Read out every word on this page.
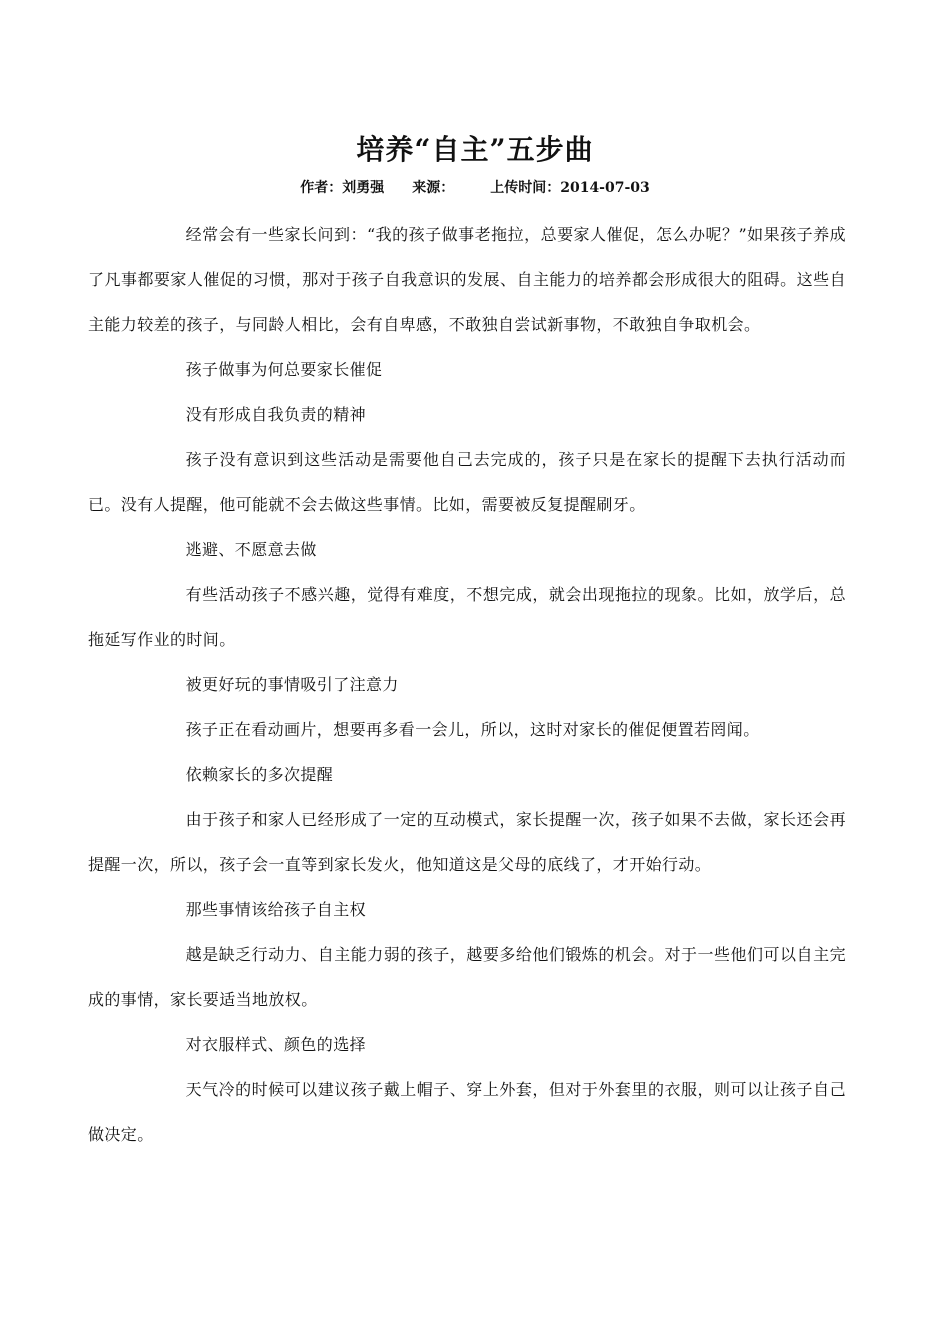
培养“自主”五步曲
作者：刘勇强 来源：	上传时间：2014-07-03

经常会有一些家长问到：“我的孩子做事老拖拉，总要家人催促，怎么办呢？”如果孩子养成了凡事都要家人催促的习惯，那对于孩子自我意识的发展、自主能力的培养都会形成很大的阻碍。这些自主能力较差的孩子，与同龄人相比，会有自卑感，不敢独自尝试新事物，不敢独自争取机会。

孩子做事为何总要家长催促

没有形成自我负责的精神

孩子没有意识到这些活动是需要他自己去完成的，孩子只是在家长的提醒下去执行活动而已。没有人提醒，他可能就不会去做这些事情。比如，需要被反复提醒刷牙。

逃避、不愿意去做

有些活动孩子不感兴趣，觉得有难度，不想完成，就会出现拖拉的现象。比如，放学后，总拖延写作业的时间。

被更好玩的事情吸引了注意力

孩子正在看动画片，想要再多看一会儿，所以，这时对家长的催促便置若罔闻。

依赖家长的多次提醒

由于孩子和家人已经形成了一定的互动模式，家长提醒一次，孩子如果不去做，家长还会再提醒一次，所以，孩子会一直等到家长发火，他知道这是父母的底线了，才开始行动。

那些事情该给孩子自主权

越是缺乏行动力、自主能力弱的孩子，越要多给他们锻炼的机会。对于一些他们可以自主完成的事情，家长要适当地放权。

对衣服样式、颜色的选择

天气冷的时候可以建议孩子戴上帽子、穿上外套，但对于外套里的衣服，则可以让孩子自己做决定。
